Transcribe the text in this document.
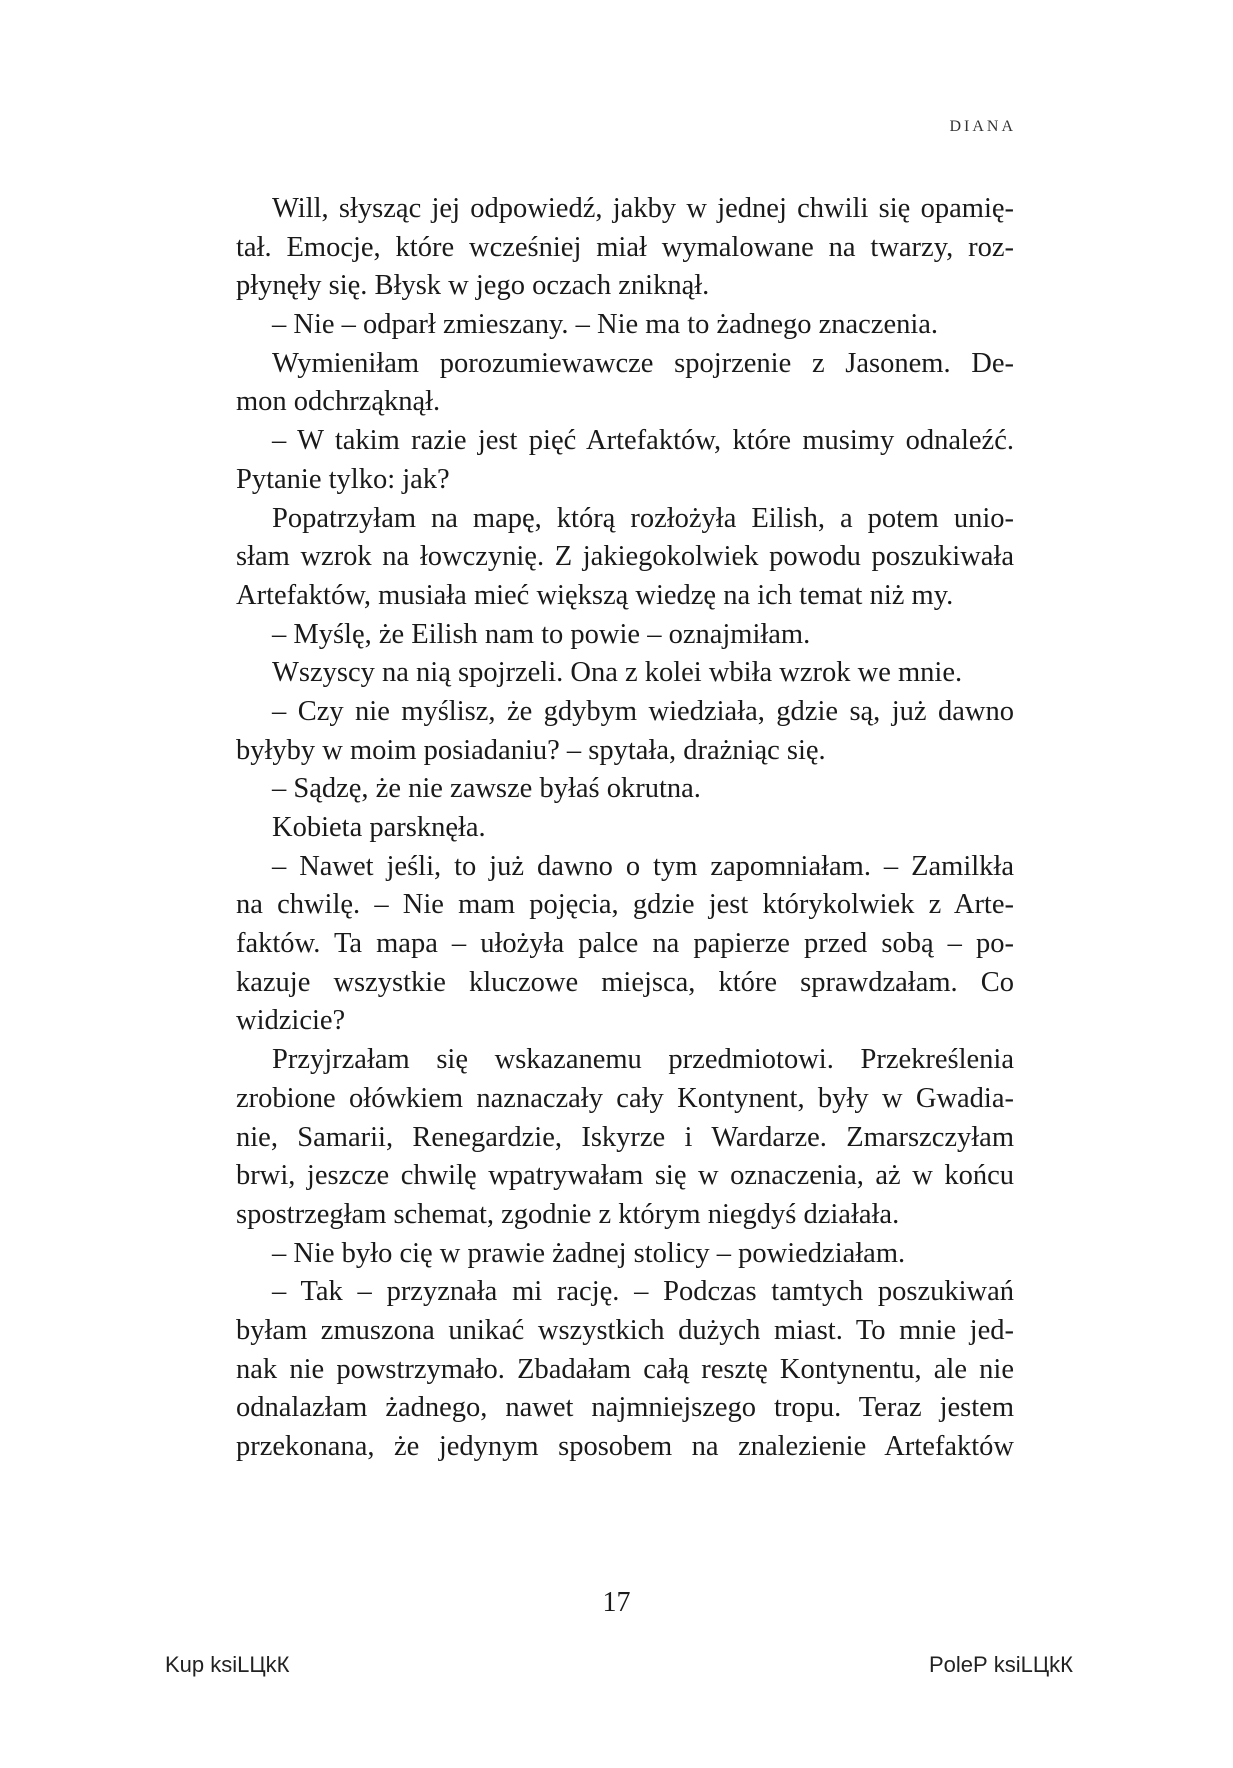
DIANA
Will, słysząc jej odpowiedź, jakby w jednej chwili się opamię-
tał. Emocje, które wcześniej miał wymalowane na twarzy, roz-
płynęły się. Błysk w jego oczach zniknął.
– Nie – odparł zmieszany. – Nie ma to żadnego znaczenia.
Wymieniłam porozumiewawcze spojrzenie z Jasonem. De-
mon odchrząknął.
– W takim razie jest pięć Artefaktów, które musimy odnaleźć.
Pytanie tylko: jak?
Popatrzyłam na mapę, którą rozłożyła Eilish, a potem unio-
słam wzrok na łowczynię. Z jakiegokolwiek powodu poszukiwała
Artefaktów, musiała mieć większą wiedzę na ich temat niż my.
– Myślę, że Eilish nam to powie – oznajmiłam.
Wszyscy na nią spojrzeli. Ona z kolei wbiła wzrok we mnie.
– Czy nie myślisz, że gdybym wiedziała, gdzie są, już dawno
byłyby w moim posiadaniu? – spytała, drażniąc się.
– Sądzę, że nie zawsze byłaś okrutna.
Kobieta parsknęła.
– Nawet jeśli, to już dawno o tym zapomniałam. – Zamilkła
na chwilę. – Nie mam pojęcia, gdzie jest którykolwiek z Arte-
faktów. Ta mapa – ułożyła palce na papierze przed sobą – po-
kazuje wszystkie kluczowe miejsca, które sprawdzałam. Co
widzicie?
Przyjrzałam się wskazanemu przedmiotowi. Przekreślenia
zrobione ołówkiem naznaczały cały Kontynent, były w Gwadia-
nie, Samarii, Renegardzie, Iskyrze i Wardarze. Zmarszczyłam
brwi, jeszcze chwilę wpatrywałam się w oznaczenia, aż w końcu
spostrzegłam schemat, zgodnie z którym niegdyś działała.
– Nie było cię w prawie żadnej stolicy – powiedziałam.
– Tak – przyznała mi rację. – Podczas tamtych poszukiwań
byłam zmuszona unikać wszystkich dużych miast. To mnie jed-
nak nie powstrzymało. Zbadałam całą resztę Kontynentu, ale nie
odnalazłam żadnego, nawet najmniejszego tropu. Teraz jestem
przekonana, że jedynym sposobem na znalezienie Artefaktów
17
Kup ksiLЦkК	PoleР ksiLЦkК
